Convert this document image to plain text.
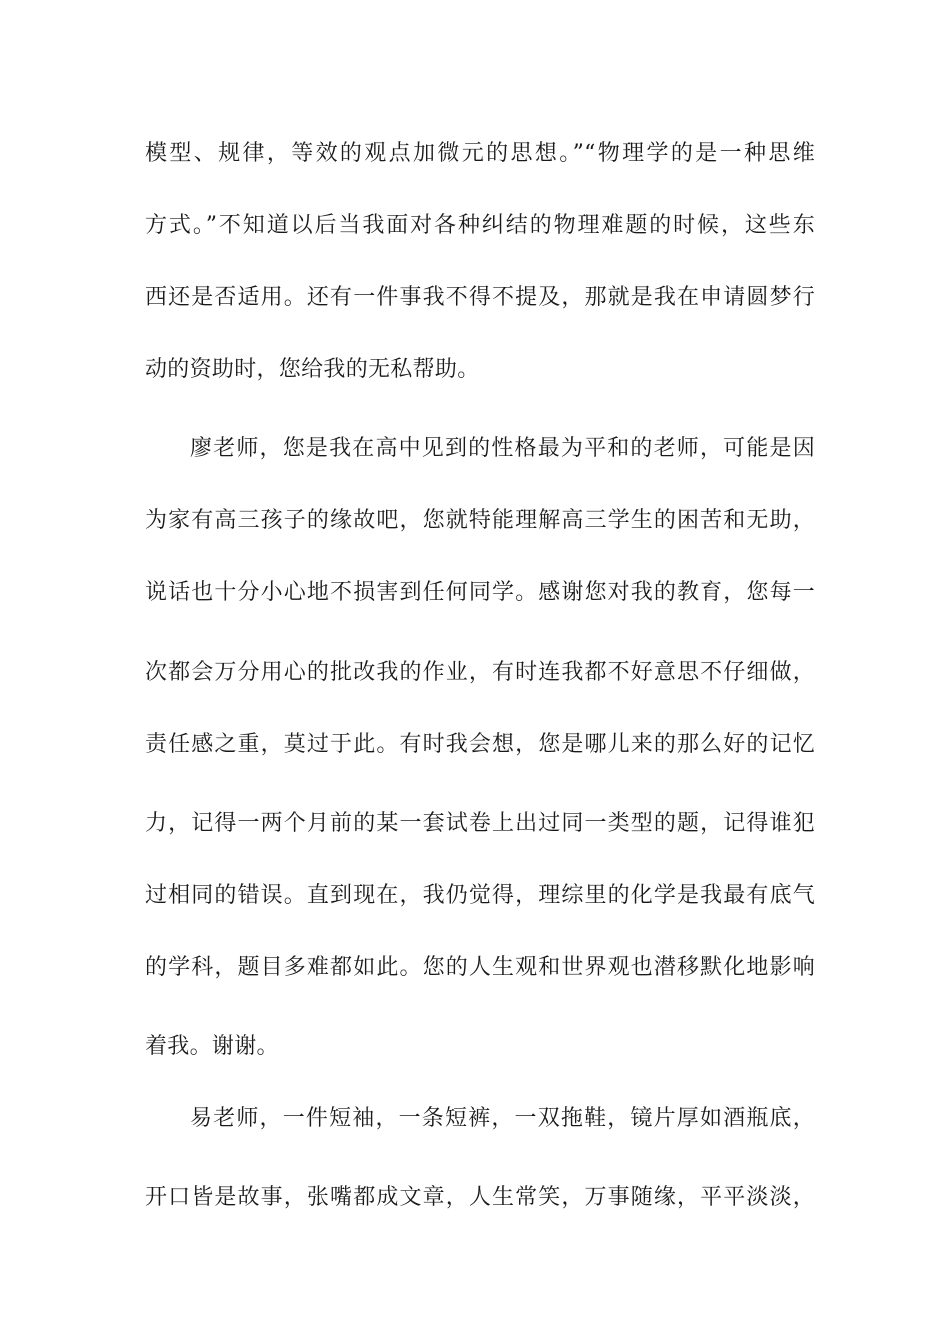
模型、规律，等效的观点加微元的思想。”“物理学的是一种思维
方式。”不知道以后当我面对各种纠结的物理难题的时候，这些东
西还是否适用。还有一件事我不得不提及，那就是我在申请圆梦行
动的资助时，您给我的无私帮助。
廖老师，您是我在高中见到的性格最为平和的老师，可能是因
为家有高三孩子的缘故吧，您就特能理解高三学生的困苦和无助，
说话也十分小心地不损害到任何同学。感谢您对我的教育，您每一
次都会万分用心的批改我的作业，有时连我都不好意思不仔细做，
责任感之重，莫过于此。有时我会想，您是哪儿来的那么好的记忆
力，记得一两个月前的某一套试卷上出过同一类型的题，记得谁犯
过相同的错误。直到现在，我仍觉得，理综里的化学是我最有底气
的学科，题目多难都如此。您的人生观和世界观也潜移默化地影响
着我。谢谢。
易老师，一件短袖，一条短裤，一双拖鞋，镜片厚如酒瓶底，
开口皆是故事，张嘴都成文章，人生常笑，万事随缘，平平淡淡，
